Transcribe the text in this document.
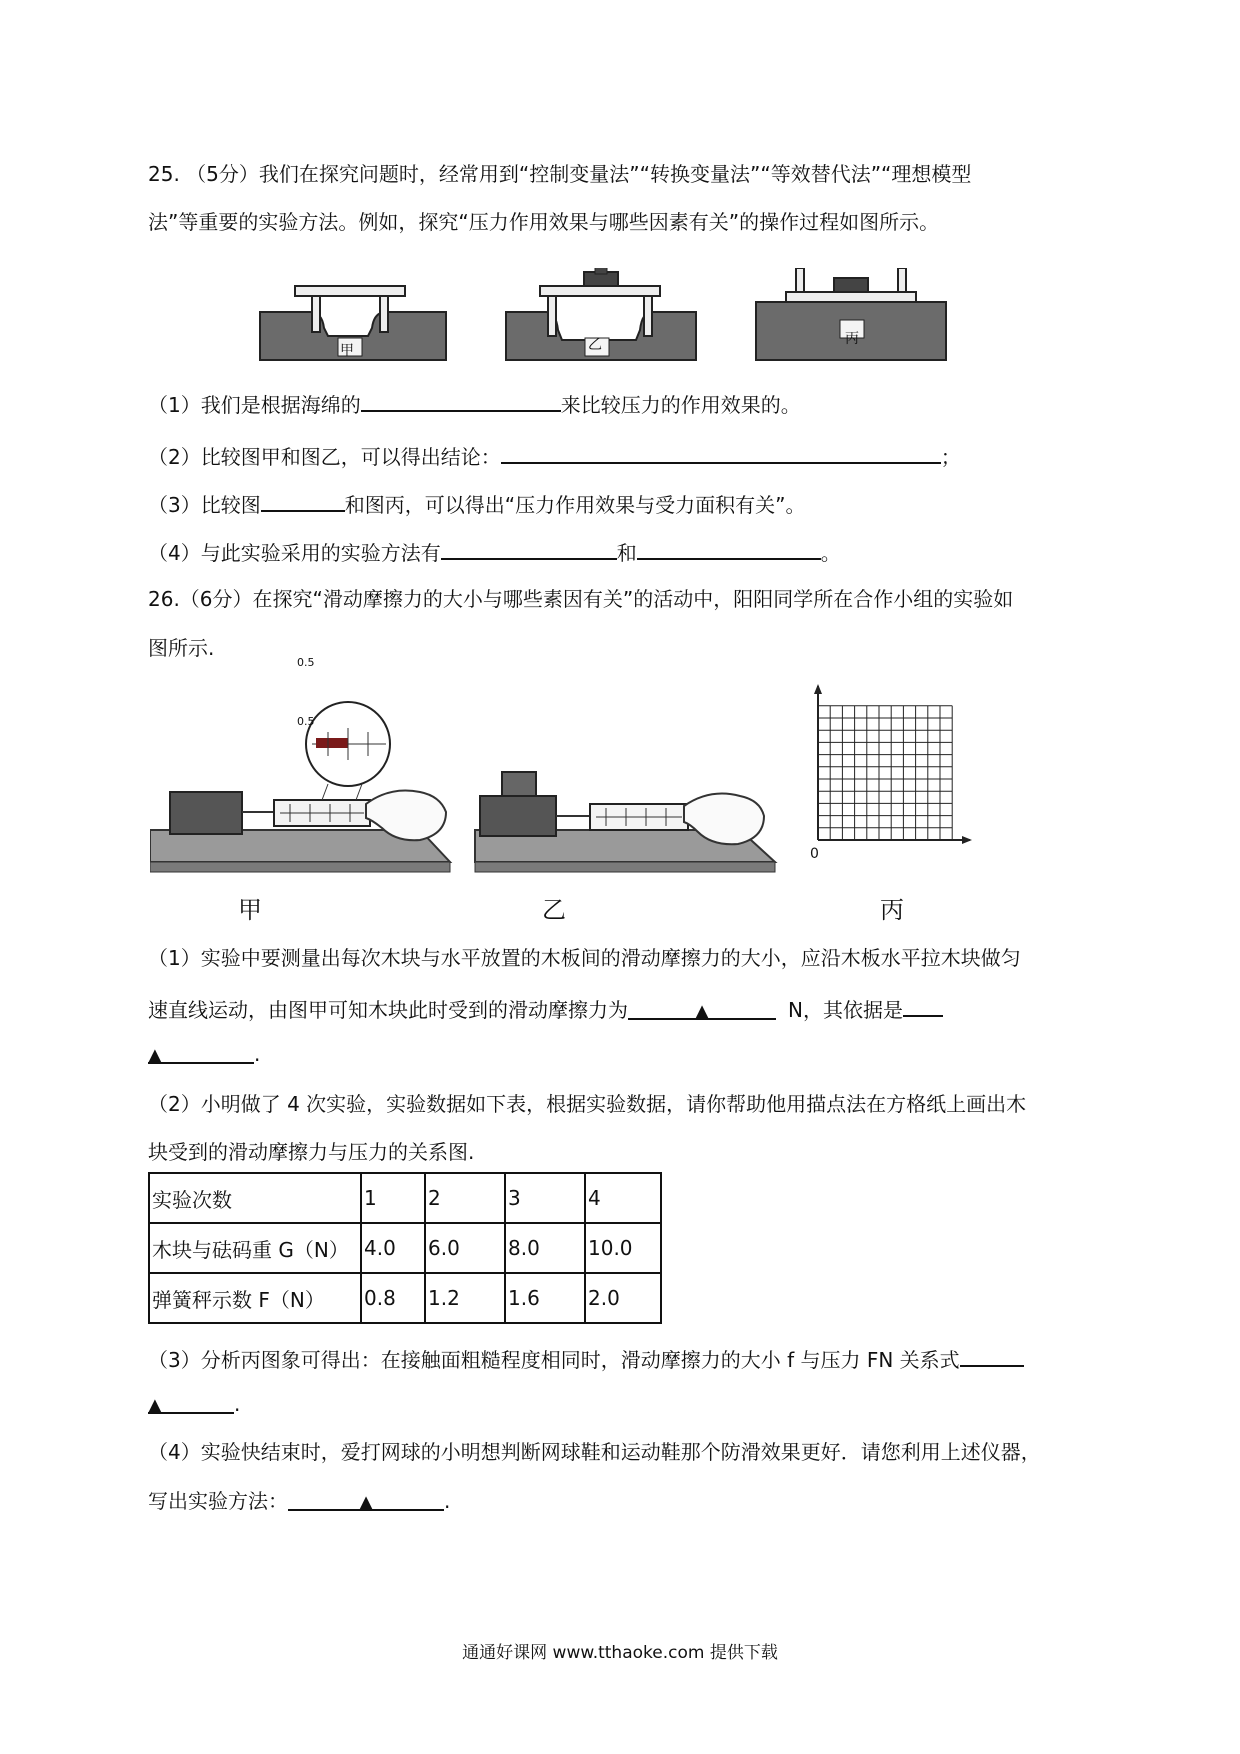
25. （5分）我们在探究问题时，经常用到“控制变量法”“转换变量法”“等效替代法”“理想模型
法”等重要的实验方法。例如，探究“压力作用效果与哪些因素有关”的操作过程如图所示。
甲	乙	丙
（1）我们是根据海绵的	来比较压力的作用效果的。
（2）比较图甲和图乙，可以得出结论：	；
（3）比较图	和图丙，可以得出“压力作用效果与受力面积有关”。
（4）与此实验采用的实验方法有	和	。
26.（6分）在探究“滑动摩擦力的大小与哪些素因有关”的活动中，阳阳同学所在合作小组的实验如
图所示.
0.5
0.5
0
甲	乙	丙
（1）实验中要测量出每次木块与水平放置的木板间的滑动摩擦力的大小，应沿木板水平拉木块做匀
速直线运动，由图甲可知木块此时受到的滑动摩擦力为	▲	N，其依据是
▲	.
（2）小明做了 4 次实验，实验数据如下表，根据实验数据，请你帮助他用描点法在方格纸上画出木
块受到的滑动摩擦力与压力的关系图.
实验次数	1	2	3	4
木块与砝码重 G（N）	4.0	6.0	8.0	10.0
弹簧秤示数 F（N）	0.8	1.2	1.6	2.0
（3）分析丙图象可得出：在接触面粗糙程度相同时，滑动摩擦力的大小 f 与压力 FN 关系式
▲	.
（4）实验快结束时，爱打网球的小明想判断网球鞋和运动鞋那个防滑效果更好．请您利用上述仪器，
写出实验方法：	▲	.
通通好课网 www.tthaoke.com 提供下载
